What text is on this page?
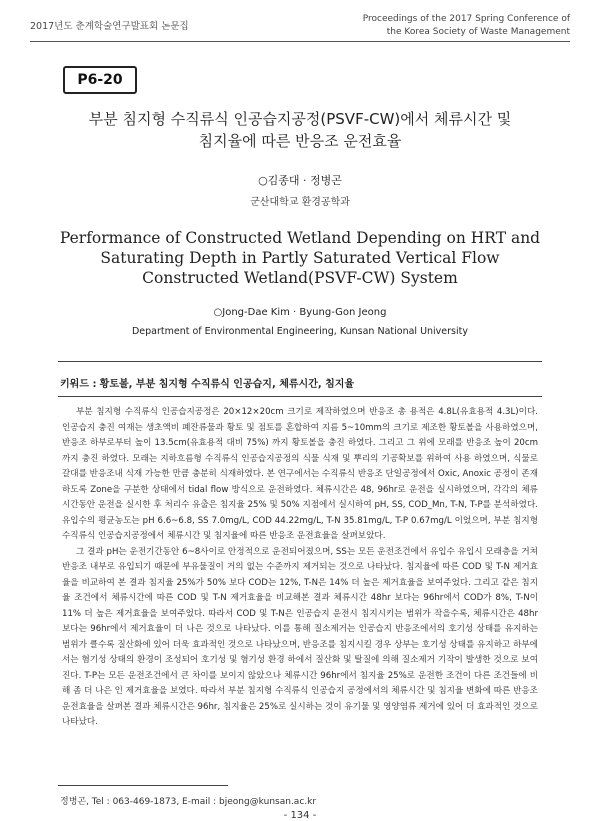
2017년도 춘계학술연구발표회 논문집
Proceedings of the 2017 Spring Conference of
the Korea Society of Waste Management
P6-20
부분 침지형 수직류식 인공습지공정(PSVF-CW)에서 체류시간 및
침지율에 따른 반응조 운전효율
○김종대 · 정병곤
군산대학교 환경공학과
Performance of Constructed Wetland Depending on HRT and
Saturating Depth in Partly Saturated Vertical Flow
Constructed Wetland(PSVF-CW) System
○Jong-Dae Kim · Byung-Gon Jeong
Department of Environmental Engineering, Kunsan National University
키워드 : 황토볼, 부분 침지형 수직류식 인공습지, 체류시간, 침지율

부분 침지형 수직류식 인공습지공정은 20×12×20cm 크기로 제작하였으며 반응조 총 용적은 4.8L(유효용적 4.3L)이다. 인공습지 충진 여재는 생초액비 폐잔류물과 황토 및 점토를 혼합하여 지름 5~10mm의 크기로 제조한 황토볼을 사용하였으며, 반응조 하부로부터 높이 13.5cm(유효용적 대비 75%) 까지 황토볼을 충진 하였다. 그리고 그 위에 모래를 반응조 높이 20cm 까지 충진 하였다. 모래는 지하흐름형 수직류식 인공습지공정의 식물 식재 및 뿌리의 기공확보를 위하여 사용 하였으며, 식물로 갈대를 반응조내 식재 가능한 만큼 충분히 식재하였다. 본 연구에서는 수직류식 반응조 단일공정에서 Oxic, Anoxic 공정이 존재하도록 Zone을 구분한 상태에서 tidal flow 방식으로 운전하였다. 체류시간은 48, 96hr로 운전을 실시하였으며, 각각의 체류시간동안 운전을 실시한 후 처리수 유출은 침지율 25% 및 50% 지점에서 실시하여 pH, SS, COD_Mn, T-N, T-P를 분석하였다. 유입수의 평균농도는 pH 6.6~6.8, SS 7.0mg/L, COD 44.22mg/L, T-N 35.81mg/L, T-P 0.67mg/L 이었으며, 부분 침지형 수직류식 인공습지공정에서 체류시간 및 침지율에 따른 반응조 운전효율을 살펴보았다.

그 결과 pH는 운전기간동안 6~8사이로 안정적으로 운전되어졌으며, SS는 모든 운전조건에서 유입수 유입시 모래층을 거쳐 반응조 내부로 유입되기 때문에 부유물질이 거의 없는 수준까지 제거되는 것으로 나타났다. 침지율에 따른 COD 및 T-N 제거효율을 비교하여 본 결과 침지율 25%가 50% 보다 COD는 12%, T-N은 14% 더 높은 제거효율을 보여주었다. 그리고 같은 침지율 조건에서 체류시간에 따른 COD 및 T-N 제거효율을 비교해본 결과 체류시간 48hr 보다는 96hr에서 COD가 8%, T-N이 11% 더 높은 제거효율을 보여주었다. 따라서 COD 및 T-N은 인공습지 운전시 침지시키는 범위가 작을수록, 체류시간은 48hr 보다는 96hr에서 제거효율이 더 나은 것으로 나타났다. 이를 통해 질소제거는 인공습지 반응조에서의 호기성 상태를 유지하는 범위가 클수록 질산화에 있어 더욱 효과적인 것으로 나타났으며, 반응조를 침지시킬 경우 상부는 호기성 상태를 유지하고 하부에서는 혐기성 상태의 환경이 조성되어 호기성 및 혐기성 환경 하에서 질산화 및 탈질에 의해 질소제거 기작이 발생한 것으로 보여진다. T-P는 모든 운전조건에서 큰 차이를 보이지 않았으나 체류시간 96hr에서 침지율 25%로 운전한 조건이 다른 조건들에 비해 좀 더 나은 인 제거효율을 보였다. 따라서 부분 침지형 수직류식 인공습지 공정에서의 체류시간 및 침지율 변화에 따른 반응조 운전효율을 살펴본 결과 체류시간은 96hr, 침지율은 25%로 실시하는 것이 유기물 및 영양염류 제거에 있어 더 효과적인 것으로 나타났다.

정병곤, Tel : 063-469-1873, E-mail : bjeong@kunsan.ac.kr
- 134 -
